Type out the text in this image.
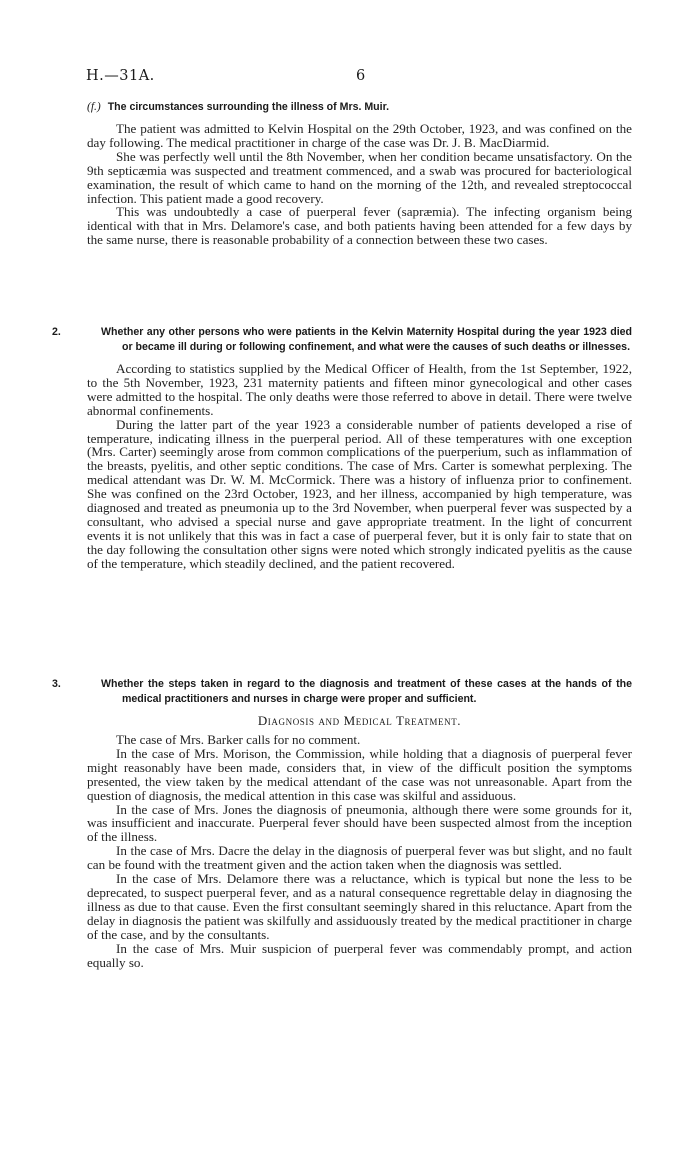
H.—31A.	6
(f.) The circumstances surrounding the illness of Mrs. Muir.

The patient was admitted to Kelvin Hospital on the 29th October, 1923, and was confined on the day following. The medical practitioner in charge of the case was Dr. J. B. MacDiarmid.

She was perfectly well until the 8th November, when her condition became unsatisfactory. On the 9th septicæmia was suspected and treatment commenced, and a swab was procured for bacteriological examination, the result of which came to hand on the morning of the 12th, and revealed streptococcal infection. This patient made a good recovery.

This was undoubtedly a case of puerperal fever (sapræmia). The infecting organism being identical with that in Mrs. Delamore's case, and both patients having been attended for a few days by the same nurse, there is reasonable probability of a connection between these two cases.

2.	Whether any other persons who were patients in the Kelvin Maternity Hospital during the year 1923 died or became ill during or following confinement, and what were the causes of such deaths or illnesses.

According to statistics supplied by the Medical Officer of Health, from the 1st September, 1922, to the 5th November, 1923, 231 maternity patients and fifteen minor gynecological and other cases were admitted to the hospital. The only deaths were those referred to above in detail. There were twelve abnormal confinements.

During the latter part of the year 1923 a considerable number of patients developed a rise of temperature, indicating illness in the puerperal period. All of these temperatures with one exception (Mrs. Carter) seemingly arose from common complications of the puerperium, such as inflammation of the breasts, pyelitis, and other septic conditions. The case of Mrs. Carter is somewhat perplexing. The medical attendant was Dr. W. M. McCormick. There was a history of influenza prior to confinement. She was confined on the 23rd October, 1923, and her illness, accompanied by high temperature, was diagnosed and treated as pneumonia up to the 3rd November, when puerperal fever was suspected by a consultant, who advised a special nurse and gave appropriate treatment. In the light of concurrent events it is not unlikely that this was in fact a case of puerperal fever, but it is only fair to state that on the day following the consultation other signs were noted which strongly indicated pyelitis as the cause of the temperature, which steadily declined, and the patient recovered.

3.	Whether the steps taken in regard to the diagnosis and treatment of these cases at the hands of the medical practitioners and nurses in charge were proper and sufficient.
Diagnosis and Medical Treatment.

The case of Mrs. Barker calls for no comment.

In the case of Mrs. Morison, the Commission, while holding that a diagnosis of puerperal fever might reasonably have been made, considers that, in view of the difficult position the symptoms presented, the view taken by the medical attendant of the case was not unreasonable. Apart from the question of diagnosis, the medical attention in this case was skilful and assiduous.

In the case of Mrs. Jones the diagnosis of pneumonia, although there were some grounds for it, was insufficient and inaccurate. Puerperal fever should have been suspected almost from the inception of the illness.

In the case of Mrs. Dacre the delay in the diagnosis of puerperal fever was but slight, and no fault can be found with the treatment given and the action taken when the diagnosis was settled.

In the case of Mrs. Delamore there was a reluctance, which is typical but none the less to be deprecated, to suspect puerperal fever, and as a natural consequence regrettable delay in diagnosing the illness as due to that cause. Even the first consultant seemingly shared in this reluctance. Apart from the delay in diagnosis the patient was skilfully and assiduously treated by the medical practitioner in charge of the case, and by the consultants.

In the case of Mrs. Muir suspicion of puerperal fever was commendably prompt, and action equally so.
